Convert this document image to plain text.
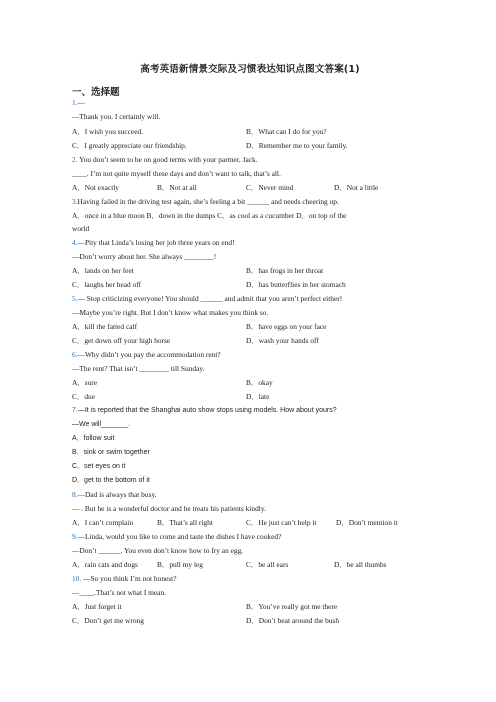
高考英语新情景交际及习惯表达知识点图文答案(1)
一、选择题
1.—
—Thank you. I certainly will.
A．I wish you succeed.	B．What can I do for you?
C．I greatly appreciate our friendship.	D．Remember me to your family.
2. You don’t seem to be on good terms with your partner, Jack.
____. I’m not quite myself these days and don’t want to talk, that’s all.
A．Not exactly	B．Not at all	C．Never mind	D．Not a little
3.Having failed in the driving test again, she’s feeling a bit ______ and needs cheering up.
A．once in a blue moon B．down in the dumps C．as cool as a cucumber D．on top of the
world
4.—Pity that Linda’s losing her job three years on end!
—Don’t worry about her. She always ________!
A．lands on her feet	B．has frogs in her throat
C．laughs her head off	D．has butterflies in her stomach
5.— Stop criticizing everyone! You should ______ and admit that you aren’t perfect either!
—Maybe you’re right. But I don’t know what makes you think so.
A．kill the fatted calf	B．have eggs on your face
C．get down off your high horse	D．wash your hands off
6.—Why didn’t you pay the accommodation rent?
—The rent? That isn’t ________ till Sunday.
A．sure	B．okay
C．due	D．late
7.—It is reported that the Shanghai auto show stops using models. How about yours?
—We will_______.
A．follow suit
B．sink or swim together
C．set eyes on it
D．get to the bottom of it
8.—Dad is always that busy.
— . But he is a wonderful doctor and he treats his patients kindly.
A．I can’t complain	B．That’s all right	C．He just can’t help it	D．Don’t mention it
9.—Linda, would you like to come and taste the dishes I have cooked?
—Don’t ______. You even don’t know how to fry an egg.
A．rain cats and dogs	B．pull my leg	C．be all ears	D．be all thumbs
10. —So you think I’m not honest?
—____.That’s not what I mean.
A．Just forget it	B．You’ve really got me there
C．Don’t get me wrong	D．Don’t beat around the bush
